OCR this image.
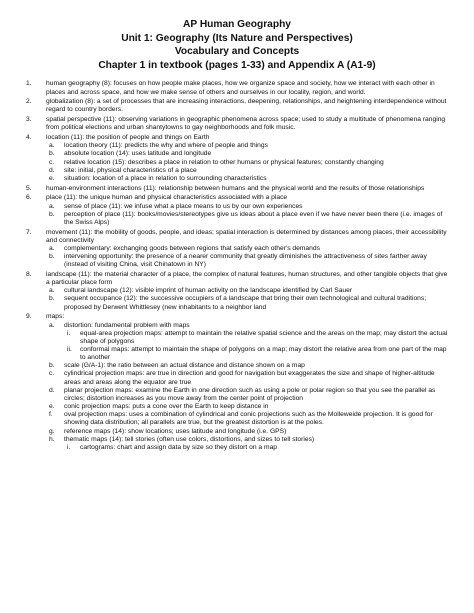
AP Human Geography
Unit 1: Geography (Its Nature and Perspectives)
Vocabulary and Concepts
Chapter 1 in textbook (pages 1-33) and Appendix A (A1-9)
1. human geography (8): focuses on how people make places, how we organize space and society, how we interact with each other in places and across space, and how we make sense of others and ourselves in our locality, region, and world.
2. globalization (8): a set of processes that are increasing interactions, deepening, relationships, and heightening interdependence without regard to country borders.
3. spatial perspective (11): observing variations in geographic phenomena across space; used to study a multitude of phenomena ranging from political elections and urban shantytowns to gay neighborhoods and folk music.
4. location (11): the position of people and things on Earth
a. location theory (11): predicts the why and where of people and things
b. absolute location (14): uses latitude and longitude
c. relative location (15): describes a place in relation to other humans or physical features; constantly changing
d. site: initial, physical characteristics of a place
e. situation: location of a place in relation to surrounding characteristics
5. human-environment interactions (11): relationship between humans and the physical world and the results of those relationships
6. place (11): the unique human and physical characteristics associated with a place
a. sense of place (11): we infuse what a place means to us by our own experiences
b. perception of place (11): books/movies/stereotypes give us ideas about a place even if we have never been there (i.e. images of the Swiss Alps)
7. movement (11): the mobility of goods, people, and ideas; spatial interaction is determined by distances among places, their accessibility and connectivity
a. complementary: exchanging goods between regions that satisfy each other's demands
b. intervening opportunity: the presence of a nearer community that greatly diminishes the attractiveness of sites farther away (instead of visiting China, visit Chinatown in NY)
8. landscape (11): the material character of a place, the complex of natural features, human structures, and other tangible objects that give a particular place form
a. cultural landscape (12): visible imprint of human activity on the landscape identified by Carl Sauer
b. sequent occupance (12): the successive occupiers of a landscape that bring their own technological and cultural traditions; proposed by Derwent Whittlesey (new inhabitants to a neighbor land
9. maps:
a. distortion: fundamental problem with maps
i. equal-area projection maps: attempt to maintain the relative spatial science and the areas on the map; may distort the actual shape of polygons
ii. conformal maps: attempt to maintain the shape of polygons on a map; may distort the relative area from one part of the map to another
b. scale (G/A-1): the ratio between an actual distance and distance shown on a map
c. cylindrical projection maps: are true in direction and good for navigation but exaggerates the size and shape of higher-altitude areas and areas along the equator are true
d. planar projection maps: examine the Earth in one direction such as using a pole or polar region so that you see the parallel as circles; distortion increases as you move away from the center point of projection
e. conic projection maps: puts a cone over the Earth to keep distance in
f. oval projection maps: uses a combination of cylindrical and conic projections such as the Molleweide projection. It is good for showing data distribution; all parallels are true, but the greatest distortion is at the poles.
g. reference maps (14): show locations; uses latitude and longitude (i.e. GPS)
h. thematic maps (14): tell stories (often use colors, distortions, and sizes to tell stories)
i. cartograms: chart and assign data by size so they distort on a map
